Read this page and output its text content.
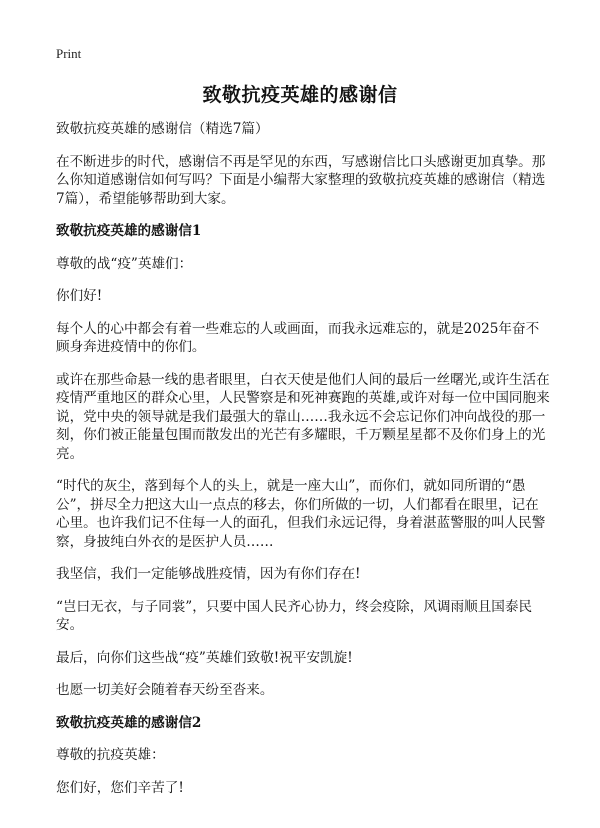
Print
致敬抗疫英雄的感谢信

致敬抗疫英雄的感谢信（精选7篇）

在不断进步的时代，感谢信不再是罕见的东西，写感谢信比口头感谢更加真挚。那么你知道感谢信如何写吗？下面是小编帮大家整理的致敬抗疫英雄的感谢信（精选7篇），希望能够帮助到大家。

致敬抗疫英雄的感谢信1

尊敬的战“疫”英雄们：

你们好!

每个人的心中都会有着一些难忘的人或画面，而我永远难忘的，就是2025年奋不顾身奔进疫情中的你们。

或许在那些命悬一线的患者眼里，白衣天使是他们人间的最后一丝曙光,或许生活在疫情严重地区的群众心里，人民警察是和死神赛跑的英雄,或许对每一位中国同胞来说，党中央的领导就是我们最强大的靠山……我永远不会忘记你们冲向战役的那一刻，你们被正能量包围而散发出的光芒有多耀眼，千万颗星星都不及你们身上的光亮。

“时代的灰尘，落到每个人的头上，就是一座大山”，而你们，就如同所谓的“愚公”，拼尽全力把这大山一点点的移去，你们所做的一切，人们都看在眼里，记在心里。也许我们记不住每一人的面孔，但我们永远记得，身着湛蓝警服的叫人民警察，身披纯白外衣的是医护人员……

我坚信，我们一定能够战胜疫情，因为有你们存在!

“岂曰无衣，与子同裳”，只要中国人民齐心协力，终会疫除，风调雨顺且国泰民安。

最后，向你们这些战“疫”英雄们致敬!祝平安凯旋!

也愿一切美好会随着春天纷至沓来。

致敬抗疫英雄的感谢信2

尊敬的抗疫英雄：

您们好，您们辛苦了!
